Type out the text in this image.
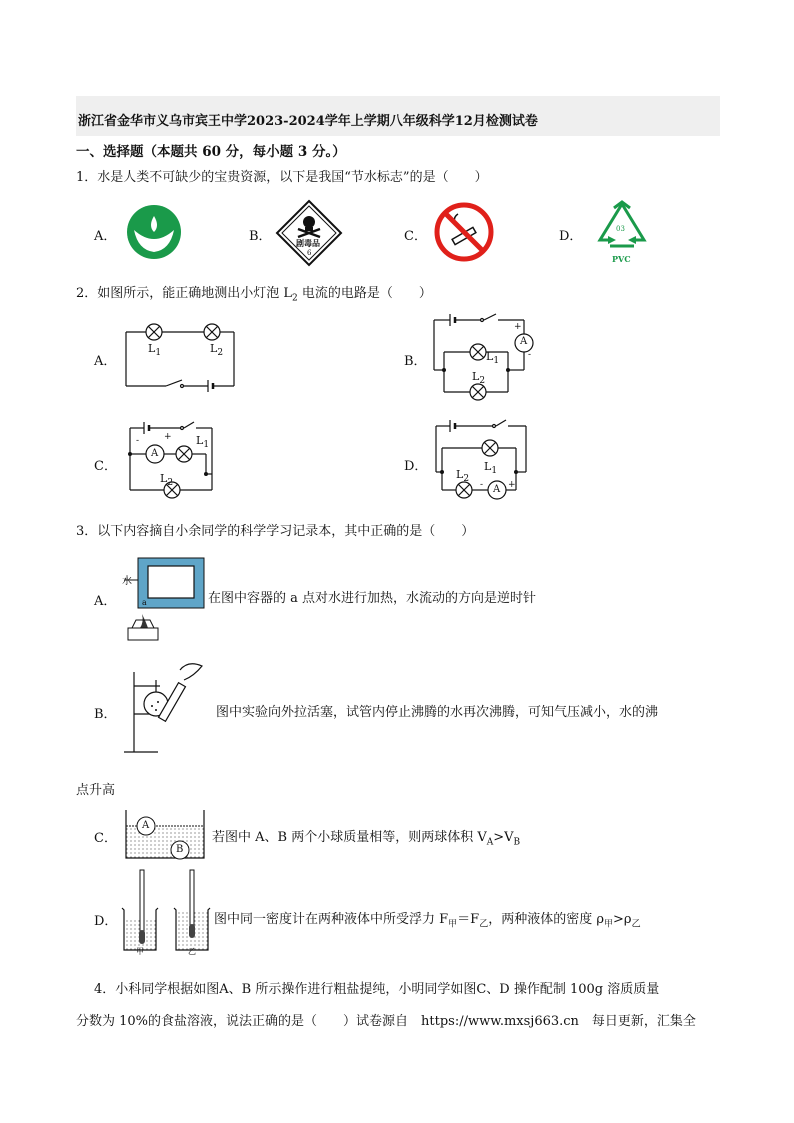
浙江省金华市义乌市宾王中学2023-2024学年上学期八年级科学12月检测试卷
一、选择题（本题共 60 分，每小题 3 分。）
1．水是人类不可缺少的宝贵资源，以下是我国“节水标志”的是（　　）
A．	B．	C．	D．
剧毒品
6
03
PVC
2．如图所示，能正确地测出小灯泡 $L_2$ 电流的电路是（　　）
A．	B．
C．	D．
$L_1$	$L_2$
A
+
-
$L_1$
$L_2$
A
-	+ $L_1$
$L_2$
A
-	+
$L_1$
$L_2$
3．以下内容摘自小余同学的科学学习记录本，其中正确的是（　　）
A．
水
a	在图中容器的 a 点对水进行加热，水流动的方向是逆时针
B．	图中实验向外拉活塞，试管内停止沸腾的水再次沸腾，可知气压减小，水的沸
点升高
C．
A
B
若图中 A、B 两个小球质量相等，则两球体积 $V_A>V_B$
D．
甲	乙
图中同一密度计在两种液体中所受浮力 $F_甲=F_乙$，两种液体的密度 $\rho_甲>\rho_乙$
4．小科同学根据如图A、B 所示操作进行粗盐提纯，小明同学如图C、D 操作配制 100g 溶质质量
分数为 10%的食盐溶液，说法正确的是（　　）试卷源自　https://www.mxsj663.cn　每日更新，汇集全
